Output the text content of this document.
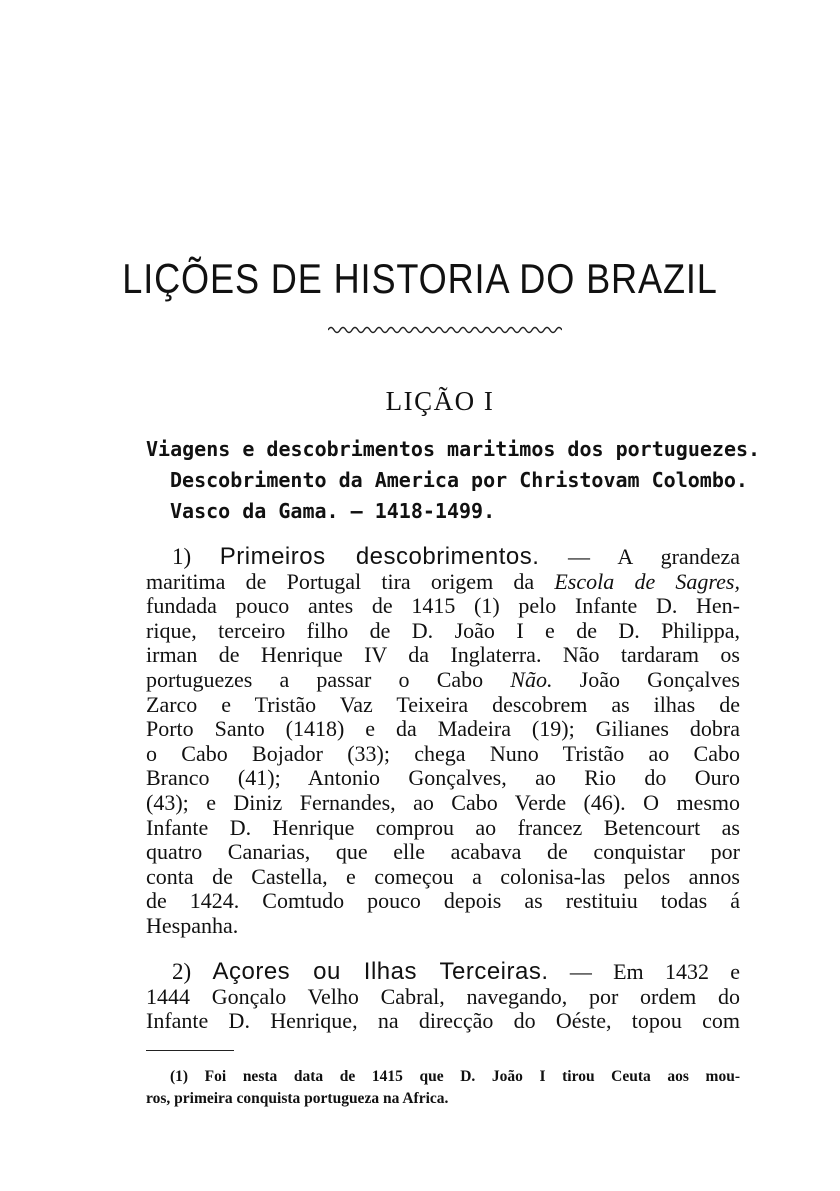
LIÇÕES DE HISTORIA DO BRAZIL
LIÇÃO I
Viagens e descobrimentos maritimos dos portuguezes.
Descobrimento da America por Christovam Colombo.
Vasco da Gama. — 1418-1499.
1) Primeiros descobrimentos. — A grandeza
maritima de Portugal tira origem da Escola de Sagres,
fundada pouco antes de 1415 (1) pelo Infante D. Hen-
rique, terceiro filho de D. João I e de D. Philippa,
irman de Henrique IV da Inglaterra. Não tardaram os
portuguezes a passar o Cabo Não. João Gonçalves
Zarco e Tristão Vaz Teixeira descobrem as ilhas de
Porto Santo (1418) e da Madeira (19); Gilianes dobra
o Cabo Bojador (33); chega Nuno Tristão ao Cabo
Branco (41); Antonio Gonçalves, ao Rio do Ouro
(43); e Diniz Fernandes, ao Cabo Verde (46). O mesmo
Infante D. Henrique comprou ao francez Betencourt as
quatro Canarias, que elle acabava de conquistar por
conta de Castella, e começou a colonisa-las pelos annos
de 1424. Comtudo pouco depois as restituiu todas á
Hespanha.
2) Açores ou Ilhas Terceiras. — Em 1432 e
1444 Gonçalo Velho Cabral, navegando, por ordem do
Infante D. Henrique, na direcção do Oéste, topou com
(1) Foi nesta data de 1415 que D. João I tirou Ceuta aos mou-
ros, primeira conquista portugueza na Africa.
